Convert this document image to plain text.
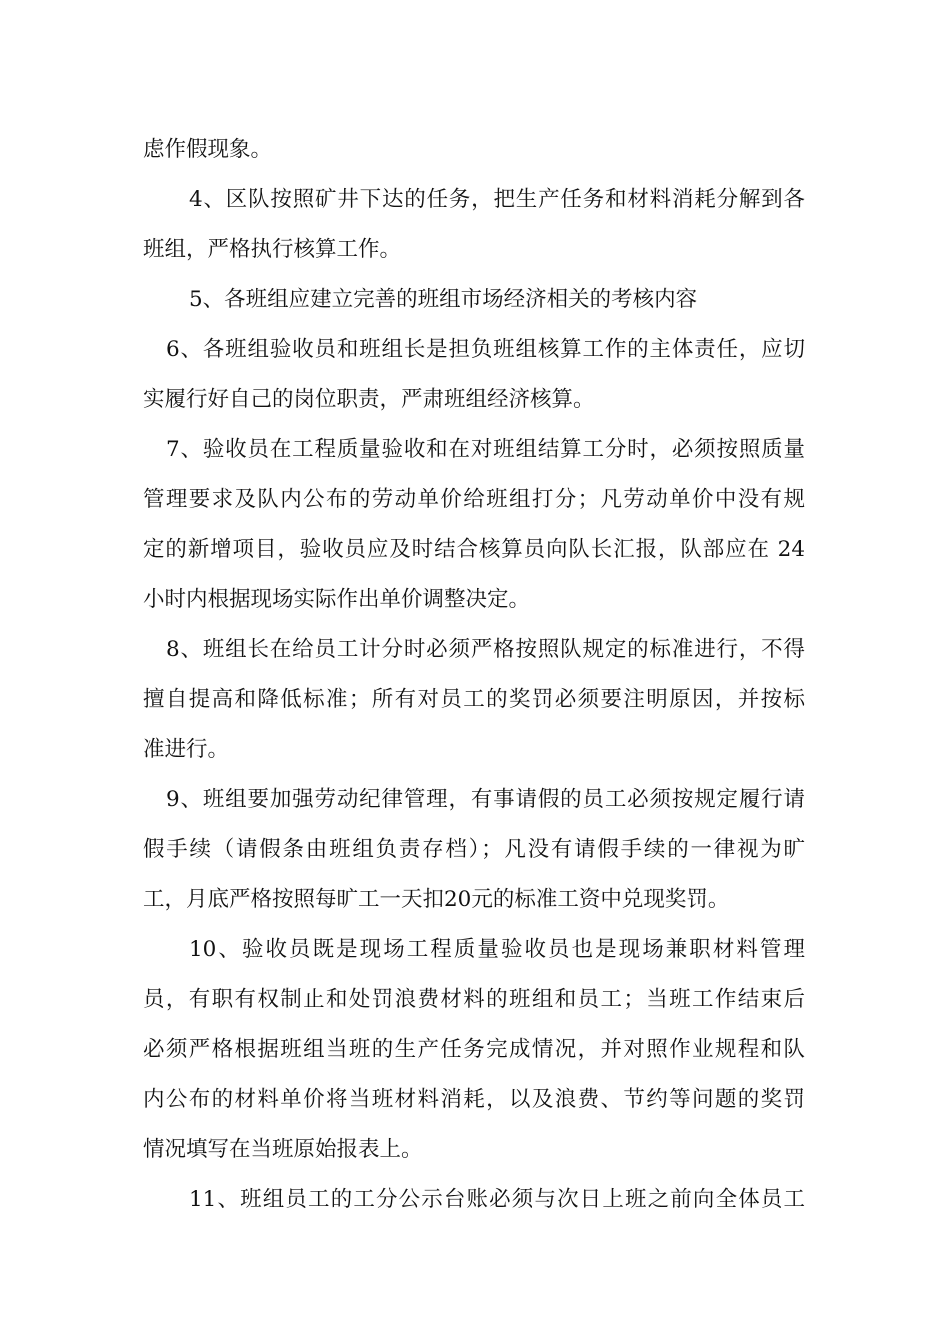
虑作假现象。
4、区队按照矿井下达的任务，把生产任务和材料消耗分解到各
班组，严格执行核算工作。
5、各班组应建立完善的班组市场经济相关的考核内容
6、各班组验收员和班组长是担负班组核算工作的主体责任，应切
实履行好自己的岗位职责，严肃班组经济核算。
7、验收员在工程质量验收和在对班组结算工分时，必须按照质量
管理要求及队内公布的劳动单价给班组打分；凡劳动单价中没有规
定的新增项目，验收员应及时结合核算员向队长汇报，队部应在 24
小时内根据现场实际作出单价调整决定。
8、班组长在给员工计分时必须严格按照队规定的标准进行，不得
擅自提高和降低标准；所有对员工的奖罚必须要注明原因，并按标
准进行。
9、班组要加强劳动纪律管理，有事请假的员工必须按规定履行请
假手续（请假条由班组负责存档）；凡没有请假手续的一律视为旷
工，月底严格按照每旷工一天扣20元的标准工资中兑现奖罚。
10、验收员既是现场工程质量验收员也是现场兼职材料管理
员，有职有权制止和处罚浪费材料的班组和员工；当班工作结束后
必须严格根据班组当班的生产任务完成情况，并对照作业规程和队
内公布的材料单价将当班材料消耗，以及浪费、节约等问题的奖罚
情况填写在当班原始报表上。
11、班组员工的工分公示台账必须与次日上班之前向全体员工
